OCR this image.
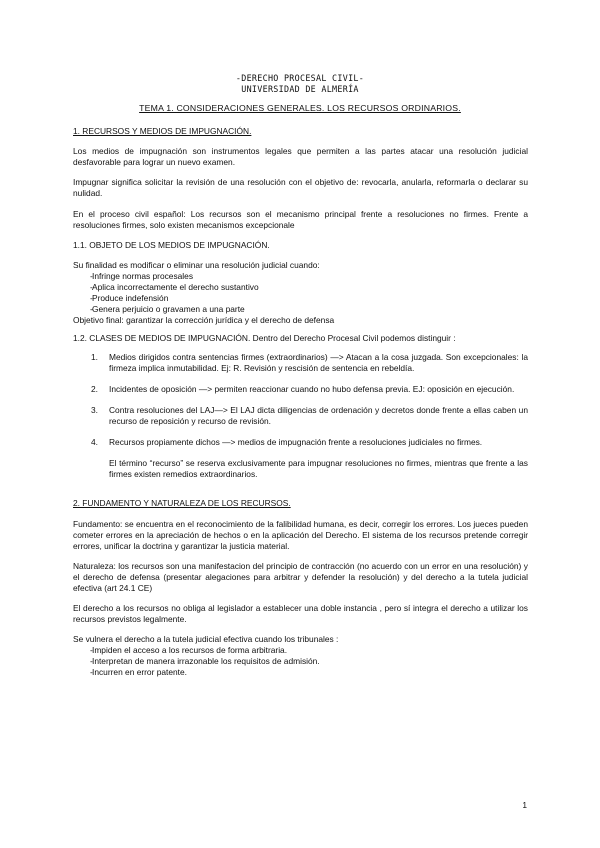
-DERECHO PROCESAL CIVIL-
UNIVERSIDAD DE ALMERÍA
TEMA 1. CONSIDERACIONES GENERALES. LOS RECURSOS ORDINARIOS.
1. RECURSOS Y MEDIOS DE IMPUGNACIÓN.
Los medios de impugnación son instrumentos legales que permiten a las partes atacar una resolución judicial desfavorable para lograr un nuevo examen.
Impugnar significa solicitar la revisión de una resolución con el objetivo de: revocarla, anularla, reformarla o declarar su nulidad.
En el proceso civil español: Los recursos son el mecanismo principal frente a resoluciones no firmes. Frente a resoluciones firmes, solo existen mecanismos excepcionale
1.1. OBJETO DE LOS MEDIOS DE IMPUGNACIÓN.
Su finalidad es modificar o eliminar una resolución judicial cuando:
- Infringe normas procesales
- Aplica incorrectamente el derecho sustantivo
- Produce indefensión
- Genera perjuicio o gravamen a una parte
Objetivo final: garantizar la corrección jurídica y el derecho de defensa
1.2. CLASES DE MEDIOS DE IMPUGNACIÓN. Dentro del Derecho Procesal Civil podemos distinguir :
1. Medios dirigidos contra sentencias firmes (extraordinarios) —> Atacan a la cosa juzgada. Son excepcionales: la firmeza implica inmutabilidad. Ej: R. Revisión y rescisión de sentencia en rebeldía.
2. Incidentes de oposición —> permiten reaccionar cuando no hubo defensa previa. EJ: oposición en ejecución.
3. Contra resoluciones del LAJ—> El LAJ dicta diligencias de ordenación y decretos donde frente a ellas caben un recurso de reposición y recurso de revisión.
4. Recursos propiamente dichos —> medios de impugnación frente a resoluciones judiciales no firmes.
El término “recurso” se reserva exclusivamente para impugnar resoluciones no firmes, mientras que frente a las firmes existen remedios extraordinarios.
2. FUNDAMENTO Y NATURALEZA DE LOS RECURSOS.
Fundamento: se encuentra en el reconocimiento de la falibilidad humana, es decir, corregir los errores. Los jueces pueden cometer errores en la apreciación de hechos o en la aplicación del Derecho. El sistema de los recursos pretende corregir errores, unificar la doctrina y garantizar la justicia material.
Naturaleza: los recursos son una manifestacion del principio de contracción (no acuerdo con un error en una resolución) y el derecho de defensa (presentar alegaciones para arbitrar y defender la resolución) y del derecho a la tutela judicial efectiva (art 24.1 CE)
El derecho a los recursos no obliga al legislador a establecer una doble instancia , pero sí integra el derecho a utilizar los recursos previstos legalmente.
Se vulnera el derecho a la tutela judicial efectiva cuando los tribunales :
- Impiden el acceso a los recursos de forma arbitraria.
- Interpretan de manera irrazonable los requisitos de admisión.
- Incurren en error patente.
1
